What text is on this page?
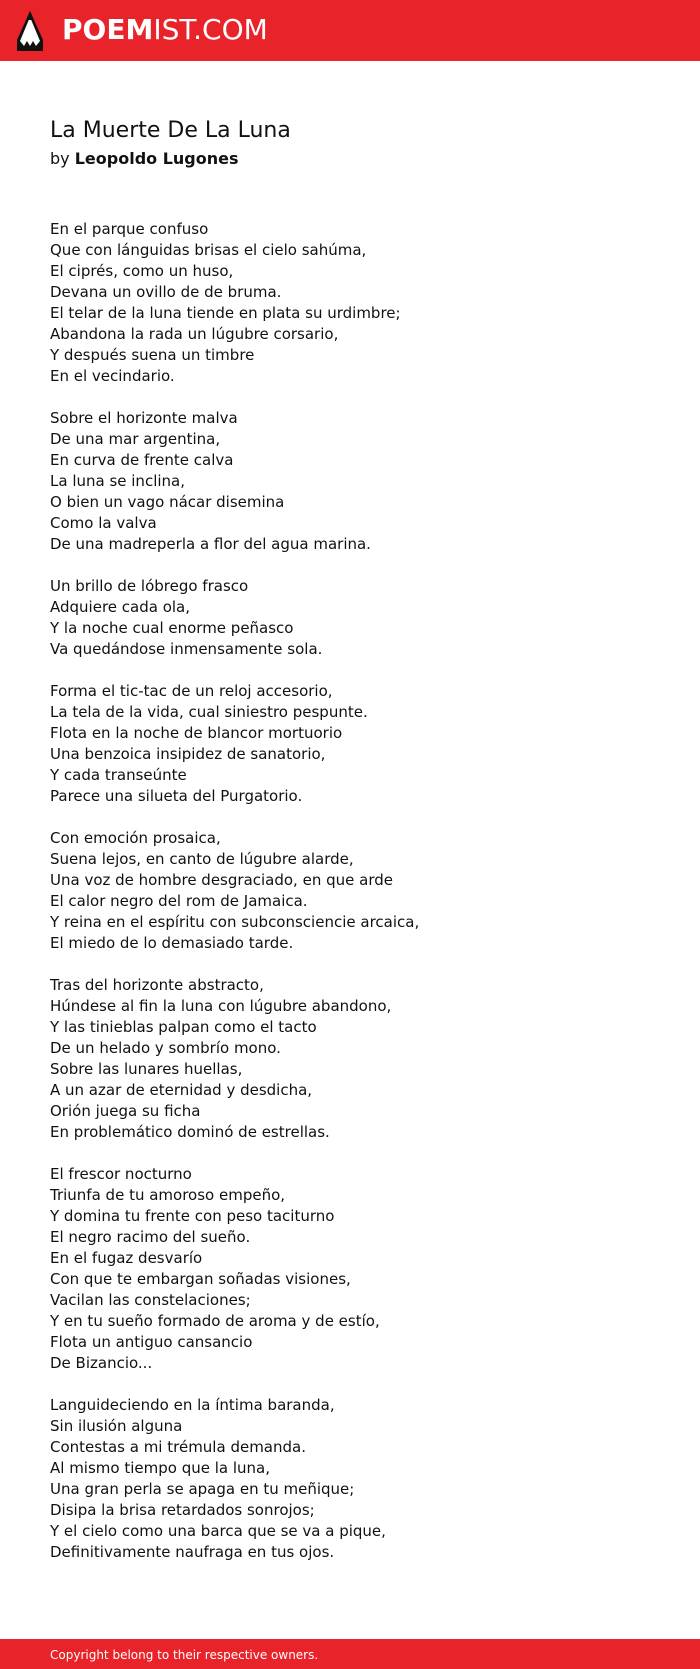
POEMIST.COM
La Muerte De La Luna
by Leopoldo Lugones
En el parque confuso
Que con lánguidas brisas el cielo sahúma,
El ciprés, como un huso,
Devana un ovillo de de bruma.
El telar de la luna tiende en plata su urdimbre;
Abandona la rada un lúgubre corsario,
Y después suena un timbre
En el vecindario.
Sobre el horizonte malva
De una mar argentina,
En curva de frente calva
La luna se inclina,
O bien un vago nácar disemina
Como la valva
De una madreperla a flor del agua marina.
Un brillo de lóbrego frasco
Adquiere cada ola,
Y la noche cual enorme peñasco
Va quedándose inmensamente sola.
Forma el tic-tac de un reloj accesorio,
La tela de la vida, cual siniestro pespunte.
Flota en la noche de blancor mortuorio
Una benzoica insipidez de sanatorio,
Y cada transeúnte
Parece una silueta del Purgatorio.
Con emoción prosaica,
Suena lejos, en canto de lúgubre alarde,
Una voz de hombre desgraciado, en que arde
El calor negro del rom de Jamaica.
Y reina en el espíritu con subconsciencie arcaica,
El miedo de lo demasiado tarde.
Tras del horizonte abstracto,
Húndese al fin la luna con lúgubre abandono,
Y las tinieblas palpan como el tacto
De un helado y sombrío mono.
Sobre las lunares huellas,
A un azar de eternidad y desdicha,
Orión juega su ficha
En problemático dominó de estrellas.
El frescor nocturno
Triunfa de tu amoroso empeño,
Y domina tu frente con peso taciturno
El negro racimo del sueño.
En el fugaz desvarío
Con que te embargan soñadas visiones,
Vacilan las constelaciones;
Y en tu sueño formado de aroma y de estío,
Flota un antiguo cansancio
De Bizancio...
Languideciendo en la íntima baranda,
Sin ilusión alguna
Contestas a mi trémula demanda.
Al mismo tiempo que la luna,
Una gran perla se apaga en tu meñique;
Disipa la brisa retardados sonrojos;
Y el cielo como una barca que se va a pique,
Definitivamente naufraga en tus ojos.
Copyright belong to their respective owners.
